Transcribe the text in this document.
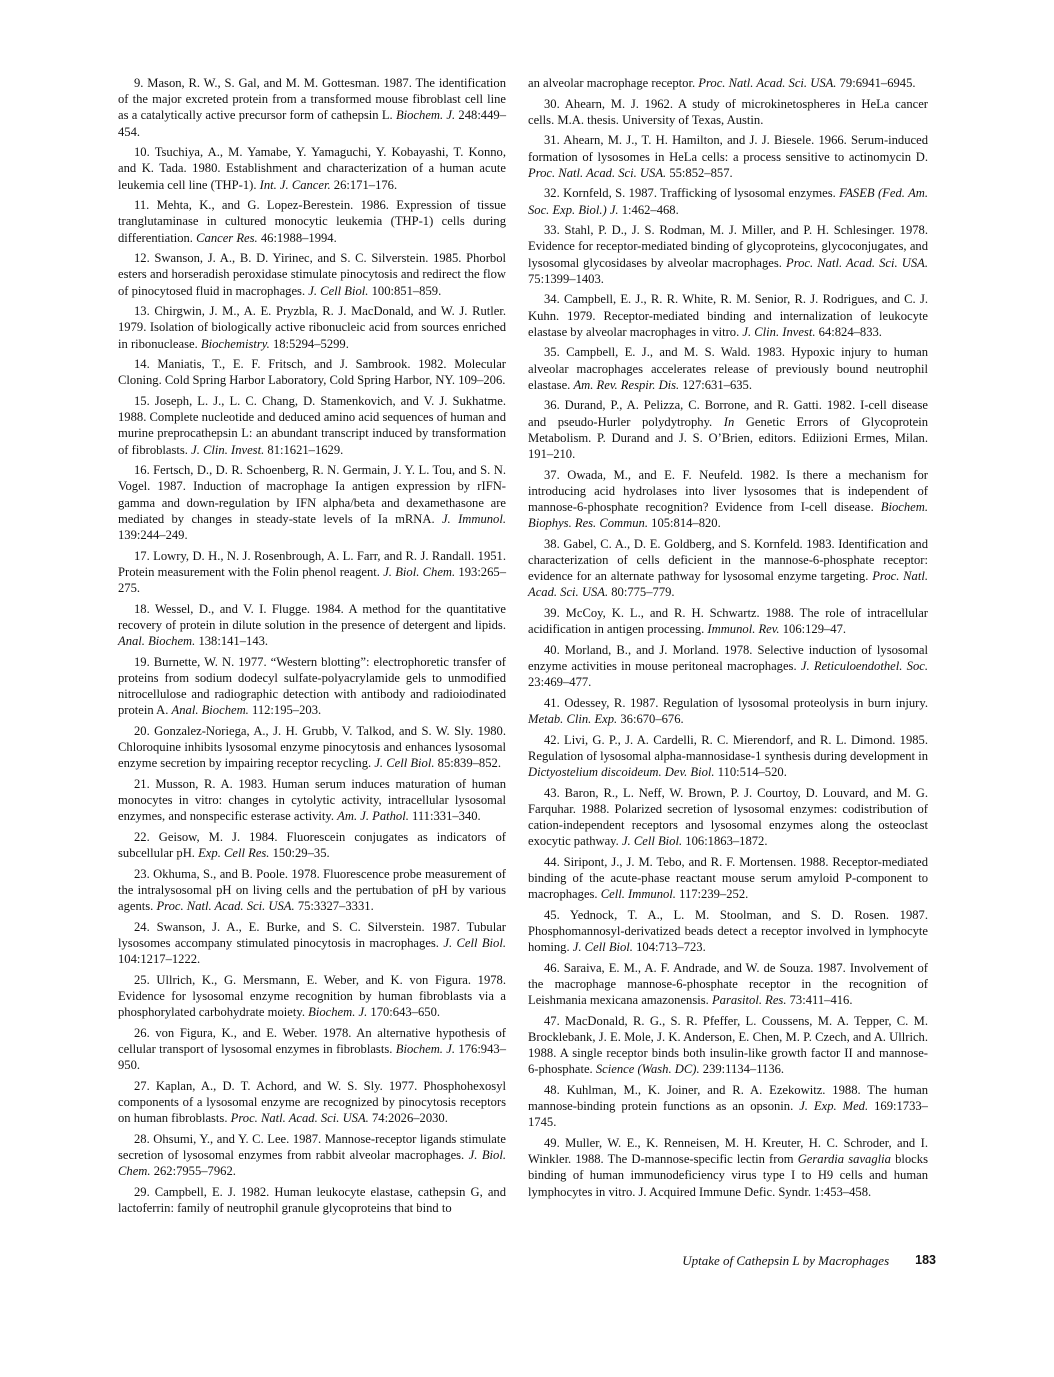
9. Mason, R. W., S. Gal, and M. M. Gottesman. 1987. The identification of the major excreted protein from a transformed mouse fibroblast cell line as a catalytically active precursor form of cathepsin L. Biochem. J. 248:449–454.

10. Tsuchiya, A., M. Yamabe, Y. Yamaguchi, Y. Kobayashi, T. Konno, and K. Tada. 1980. Establishment and characterization of a human acute leukemia cell line (THP-1). Int. J. Cancer. 26:171–176.

11. Mehta, K., and G. Lopez-Berestein. 1986. Expression of tissue tranglutaminase in cultured monocytic leukemia (THP-1) cells during differentiation. Cancer Res. 46:1988–1994.

12. Swanson, J. A., B. D. Yirinec, and S. C. Silverstein. 1985. Phorbol esters and horseradish peroxidase stimulate pinocytosis and redirect the flow of pinocytosed fluid in macrophages. J. Cell Biol. 100:851–859.

13. Chirgwin, J. M., A. E. Pryzbla, R. J. MacDonald, and W. J. Rutler. 1979. Isolation of biologically active ribonucleic acid from sources enriched in ribonuclease. Biochemistry. 18:5294–5299.

14. Maniatis, T., E. F. Fritsch, and J. Sambrook. 1982. Molecular Cloning. Cold Spring Harbor Laboratory, Cold Spring Harbor, NY. 109–206.

15. Joseph, L. J., L. C. Chang, D. Stamenkovich, and V. J. Sukhatme. 1988. Complete nucleotide and deduced amino acid sequences of human and murine preprocathepsin L: an abundant transcript induced by transformation of fibroblasts. J. Clin. Invest. 81:1621–1629.

16. Fertsch, D., D. R. Schoenberg, R. N. Germain, J. Y. L. Tou, and S. N. Vogel. 1987. Induction of macrophage Ia antigen expression by rIFN-gamma and down-regulation by IFN alpha/beta and dexamethasone are mediated by changes in steady-state levels of Ia mRNA. J. Immunol. 139:244–249.

17. Lowry, D. H., N. J. Rosenbrough, A. L. Farr, and R. J. Randall. 1951. Protein measurement with the Folin phenol reagent. J. Biol. Chem. 193:265–275.

18. Wessel, D., and V. I. Flugge. 1984. A method for the quantitative recovery of protein in dilute solution in the presence of detergent and lipids. Anal. Biochem. 138:141–143.

19. Burnette, W. N. 1977. “Western blotting”: electrophoretic transfer of proteins from sodium dodecyl sulfate-polyacrylamide gels to unmodified nitrocellulose and radiographic detection with antibody and radioiodinated protein A. Anal. Biochem. 112:195–203.

20. Gonzalez-Noriega, A., J. H. Grubb, V. Talkod, and S. W. Sly. 1980. Chloroquine inhibits lysosomal enzyme pinocytosis and enhances lysosomal enzyme secretion by impairing receptor recycling. J. Cell Biol. 85:839–852.

21. Musson, R. A. 1983. Human serum induces maturation of human monocytes in vitro: changes in cytolytic activity, intracellular lysosomal enzymes, and nonspecific esterase activity. Am. J. Pathol. 111:331–340.

22. Geisow, M. J. 1984. Fluorescein conjugates as indicators of subcellular pH. Exp. Cell Res. 150:29–35.

23. Okhuma, S., and B. Poole. 1978. Fluorescence probe measurement of the intralysosomal pH on living cells and the pertubation of pH by various agents. Proc. Natl. Acad. Sci. USA. 75:3327–3331.

24. Swanson, J. A., E. Burke, and S. C. Silverstein. 1987. Tubular lysosomes accompany stimulated pinocytosis in macrophages. J. Cell Biol. 104:1217–1222.

25. Ullrich, K., G. Mersmann, E. Weber, and K. von Figura. 1978. Evidence for lysosomal enzyme recognition by human fibroblasts via a phosphorylated carbohydrate moiety. Biochem. J. 170:643–650.

26. von Figura, K., and E. Weber. 1978. An alternative hypothesis of cellular transport of lysosomal enzymes in fibroblasts. Biochem. J. 176:943–950.

27. Kaplan, A., D. T. Achord, and W. S. Sly. 1977. Phosphohexosyl components of a lysosomal enzyme are recognized by pinocytosis receptors on human fibroblasts. Proc. Natl. Acad. Sci. USA. 74:2026–2030.

28. Ohsumi, Y., and Y. C. Lee. 1987. Mannose-receptor ligands stimulate secretion of lysosomal enzymes from rabbit alveolar macrophages. J. Biol. Chem. 262:7955–7962.

29. Campbell, E. J. 1982. Human leukocyte elastase, cathepsin G, and lactoferrin: family of neutrophil granule glycoproteins that bind to

an alveolar macrophage receptor. Proc. Natl. Acad. Sci. USA. 79:6941–6945.

30. Ahearn, M. J. 1962. A study of microkinetospheres in HeLa cancer cells. M.A. thesis. University of Texas, Austin.

31. Ahearn, M. J., T. H. Hamilton, and J. J. Biesele. 1966. Serum-induced formation of lysosomes in HeLa cells: a process sensitive to actinomycin D. Proc. Natl. Acad. Sci. USA. 55:852–857.

32. Kornfeld, S. 1987. Trafficking of lysosomal enzymes. FASEB (Fed. Am. Soc. Exp. Biol.) J. 1:462–468.

33. Stahl, P. D., J. S. Rodman, M. J. Miller, and P. H. Schlesinger. 1978. Evidence for receptor-mediated binding of glycoproteins, glycoconjugates, and lysosomal glycosidases by alveolar macrophages. Proc. Natl. Acad. Sci. USA. 75:1399–1403.

34. Campbell, E. J., R. R. White, R. M. Senior, R. J. Rodrigues, and C. J. Kuhn. 1979. Receptor-mediated binding and internalization of leukocyte elastase by alveolar macrophages in vitro. J. Clin. Invest. 64:824–833.

35. Campbell, E. J., and M. S. Wald. 1983. Hypoxic injury to human alveolar macrophages accelerates release of previously bound neutrophil elastase. Am. Rev. Respir. Dis. 127:631–635.

36. Durand, P., A. Pelizza, C. Borrone, and R. Gatti. 1982. I-cell disease and pseudo-Hurler polydytrophy. In Genetic Errors of Glycoprotein Metabolism. P. Durand and J. S. O’Brien, editors. Ediizioni Ermes, Milan. 191–210.

37. Owada, M., and E. F. Neufeld. 1982. Is there a mechanism for introducing acid hydrolases into liver lysosomes that is independent of mannose-6-phosphate recognition? Evidence from I-cell disease. Biochem. Biophys. Res. Commun. 105:814–820.

38. Gabel, C. A., D. E. Goldberg, and S. Kornfeld. 1983. Identification and characterization of cells deficient in the mannose-6-phosphate receptor: evidence for an alternate pathway for lysosomal enzyme targeting. Proc. Natl. Acad. Sci. USA. 80:775–779.

39. McCoy, K. L., and R. H. Schwartz. 1988. The role of intracellular acidification in antigen processing. Immunol. Rev. 106:129–47.

40. Morland, B., and J. Morland. 1978. Selective induction of lysosomal enzyme activities in mouse peritoneal macrophages. J. Reticuloendothel. Soc. 23:469–477.

41. Odessey, R. 1987. Regulation of lysosomal proteolysis in burn injury. Metab. Clin. Exp. 36:670–676.

42. Livi, G. P., J. A. Cardelli, R. C. Mierendorf, and R. L. Dimond. 1985. Regulation of lysosomal alpha-mannosidase-1 synthesis during development in Dictyostelium discoideum. Dev. Biol. 110:514–520.

43. Baron, R., L. Neff, W. Brown, P. J. Courtoy, D. Louvard, and M. G. Farquhar. 1988. Polarized secretion of lysosomal enzymes: codistribution of cation-independent receptors and lysosomal enzymes along the osteoclast exocytic pathway. J. Cell Biol. 106:1863–1872.

44. Siripont, J., J. M. Tebo, and R. F. Mortensen. 1988. Receptor-mediated binding of the acute-phase reactant mouse serum amyloid P-component to macrophages. Cell. Immunol. 117:239–252.

45. Yednock, T. A., L. M. Stoolman, and S. D. Rosen. 1987. Phosphomannosyl-derivatized beads detect a receptor involved in lymphocyte homing. J. Cell Biol. 104:713–723.

46. Saraiva, E. M., A. F. Andrade, and W. de Souza. 1987. Involvement of the macrophage mannose-6-phosphate receptor in the recognition of Leishmania mexicana amazonensis. Parasitol. Res. 73:411–416.

47. MacDonald, R. G., S. R. Pfeffer, L. Coussens, M. A. Tepper, C. M. Brocklebank, J. E. Mole, J. K. Anderson, E. Chen, M. P. Czech, and A. Ullrich. 1988. A single receptor binds both insulin-like growth factor II and mannose-6-phosphate. Science (Wash. DC). 239:1134–1136.

48. Kuhlman, M., K. Joiner, and R. A. Ezekowitz. 1988. The human mannose-binding protein functions as an opsonin. J. Exp. Med. 169:1733–1745.

49. Muller, W. E., K. Renneisen, M. H. Kreuter, H. C. Schroder, and I. Winkler. 1988. The D-mannose-specific lectin from Gerardia savaglia blocks binding of human immunodeficiency virus type I to H9 cells and human lymphocytes in vitro. J. Acquired Immune Defic. Syndr. 1:453–458.

Uptake of Cathepsin L by Macrophages 183
